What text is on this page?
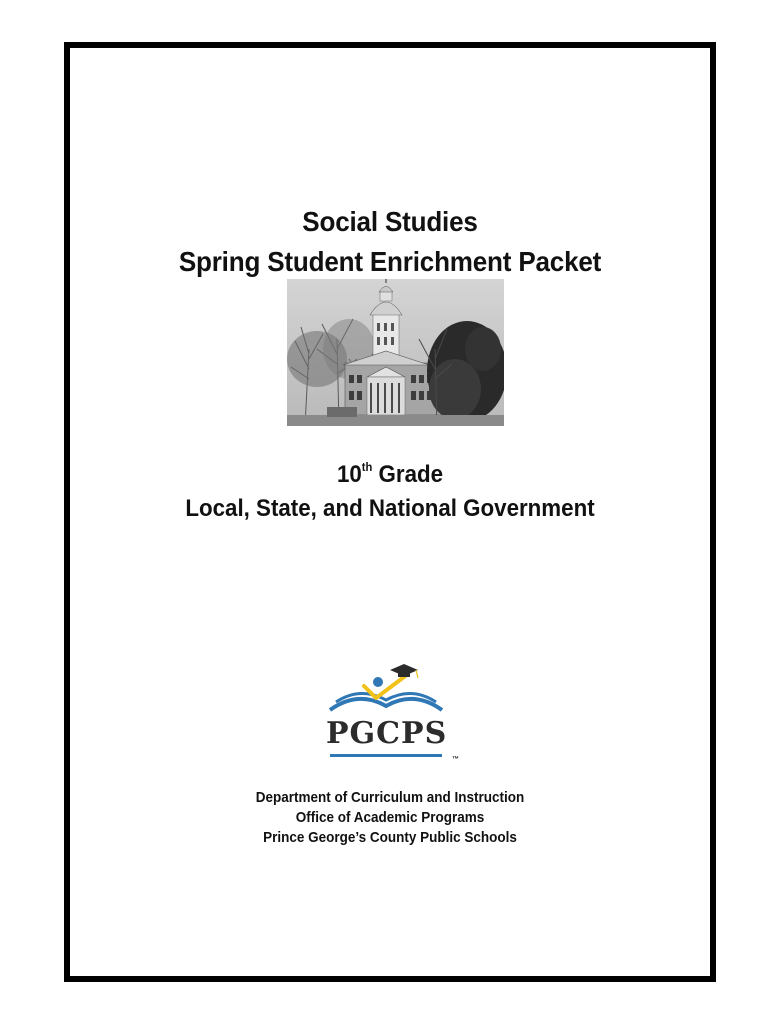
Social Studies
Spring Student Enrichment Packet
10th Grade
Local, State, and National Government
PGCPS
™
Department of Curriculum and Instruction
Office of Academic Programs
Prince George’s County Public Schools
